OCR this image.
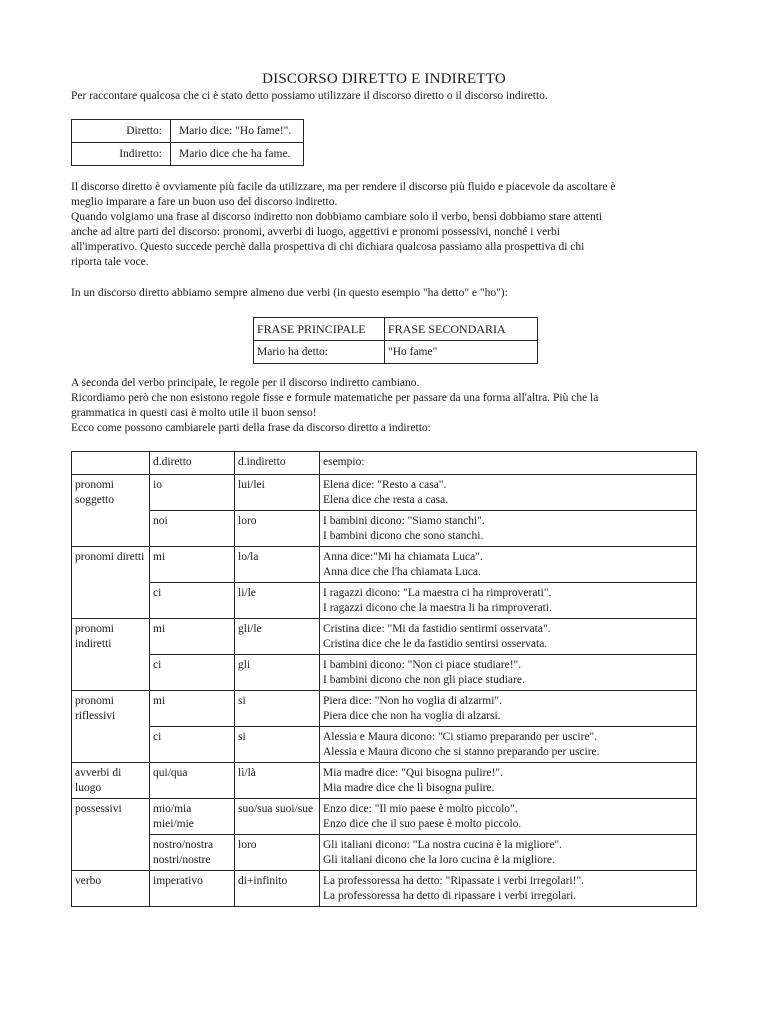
DISCORSO DIRETTO E INDIRETTO

Per raccontare qualcosa che ci è stato detto possiamo utilizzare il discorso diretto o il discorso indiretto.

Diretto:	Mario dice: "Ho fame!".
Indiretto:	Mario dice che ha fame.
Il discorso diretto è ovviamente più facile da utilizzare, ma per rendere il discorso più fluido e piacevole da ascoltare è
meglio imparare a fare un buon uso del discorso indiretto.
Quando volgiamo una frase al discorso indiretto non dobbiamo cambiare solo il verbo, bensì dobbiamo stare attenti
anche ad altre parti del discorso: pronomi, avverbi di luogo, aggettivi e pronomi possessivi, nonché i verbi
all'imperativo. Questo succede perchè dalla prospettiva di chi dichiara qualcosa passiamo alla prospettiva di chi
riporta tale voce.

In un discorso diretto abbiamo sempre almeno due verbi (in questo esempio "ha detto" e "ho"):

FRASE PRINCIPALE	FRASE SECONDARIA
Mario ha detto:	"Ho fame"
A seconda del verbo principale, le regole per il discorso indiretto cambiano.
Ricordiamo però che non esistono regole fisse e formule matematiche per passare da una forma all'altra. Più che la
grammatica in questi casi è molto utile il buon senso!
Ecco come possono cambiarele parti della frase da discorso diretto a indiretto:
	d.diretto	d.indiretto	esempio:
pronomi soggetto	io	lui/lei	Elena dice: "Resto a casa".
Elena dice che resta a casa.

	noi	loro	I bambini dicono: "Siamo stanchi".
I bambini dicono che sono stanchi.

pronomi diretti	mi	lo/la	Anna dice:"Mi ha chiamata Luca".
Anna dice che l'ha chiamata Luca.

	ci	li/le	I ragazzi dicono: "La maestra ci ha rimproverati".
I ragazzi dicono che la maestra li ha rimproverati.

pronomi indiretti	mi	gli/le	Cristina dice: "Mi da fastidio sentirmi osservata".
Cristina dice che le da fastidio sentirsi osservata.

	ci	gli	I bambini dicono: "Non ci piace studiare!".
I bambini dicono che non gli piace studiare.

pronomi riflessivi	mi	si	Piera dice: "Non ho voglia di alzarmi".
Piera dice che non ha voglia di alzarsi.

	ci	si	Alessia e Maura dicono: "Ci stiamo preparando per uscire".
Alessia e Maura dicono che si stanno preparando per uscire.

avverbi di luogo	qui/qua	lì/là	Mia madre dice: "Qui bisogna pulire!".
Mia madre dice che lì bisogna pulire.

possessivi	mio/mia miei/mie	suo/sua suoi/sue	Enzo dice: "Il mio paese è molto piccolo".
Enzo dice che il suo paese è molto piccolo.

	nostro/nostra nostri/nostre	loro	Gli italiani dicono: "La nostra cucina è la migliore".
Gli italiani dicono che la loro cucina è la migliore.

verbo	imperativo	di+infinito	La professoressa ha detto: "Ripassate i verbi irregolari!".
La professoressa ha detto di ripassare i verbi irregolari.
